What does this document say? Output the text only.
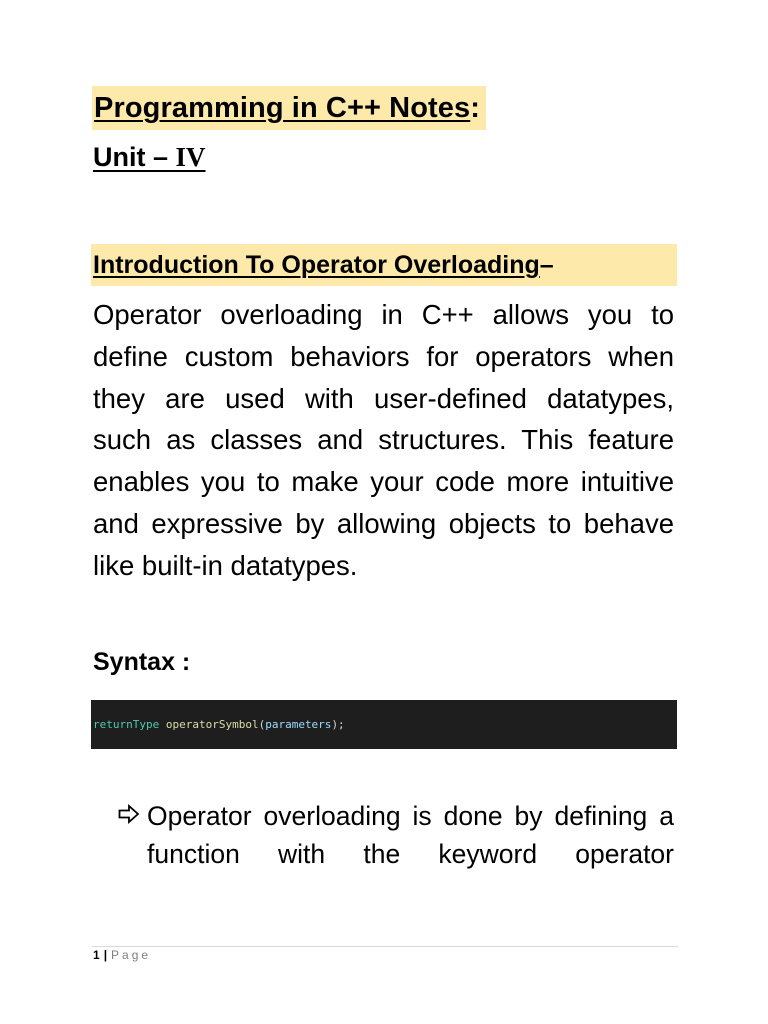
Programming in C++ Notes :
Unit – IV
Introduction To Operator Overloading –

Operator overloading in C++ allows you to define custom behaviors for operators when they are used with user-defined datatypes, such as classes and structures. This feature enables you to make your code more intuitive and expressive by allowing objects to behave like built-in datatypes.

Syntax :
returnType
operatorSymbol ( parameters );

Operator overloading is done by defining a function with the keyword operator

1 | Page
